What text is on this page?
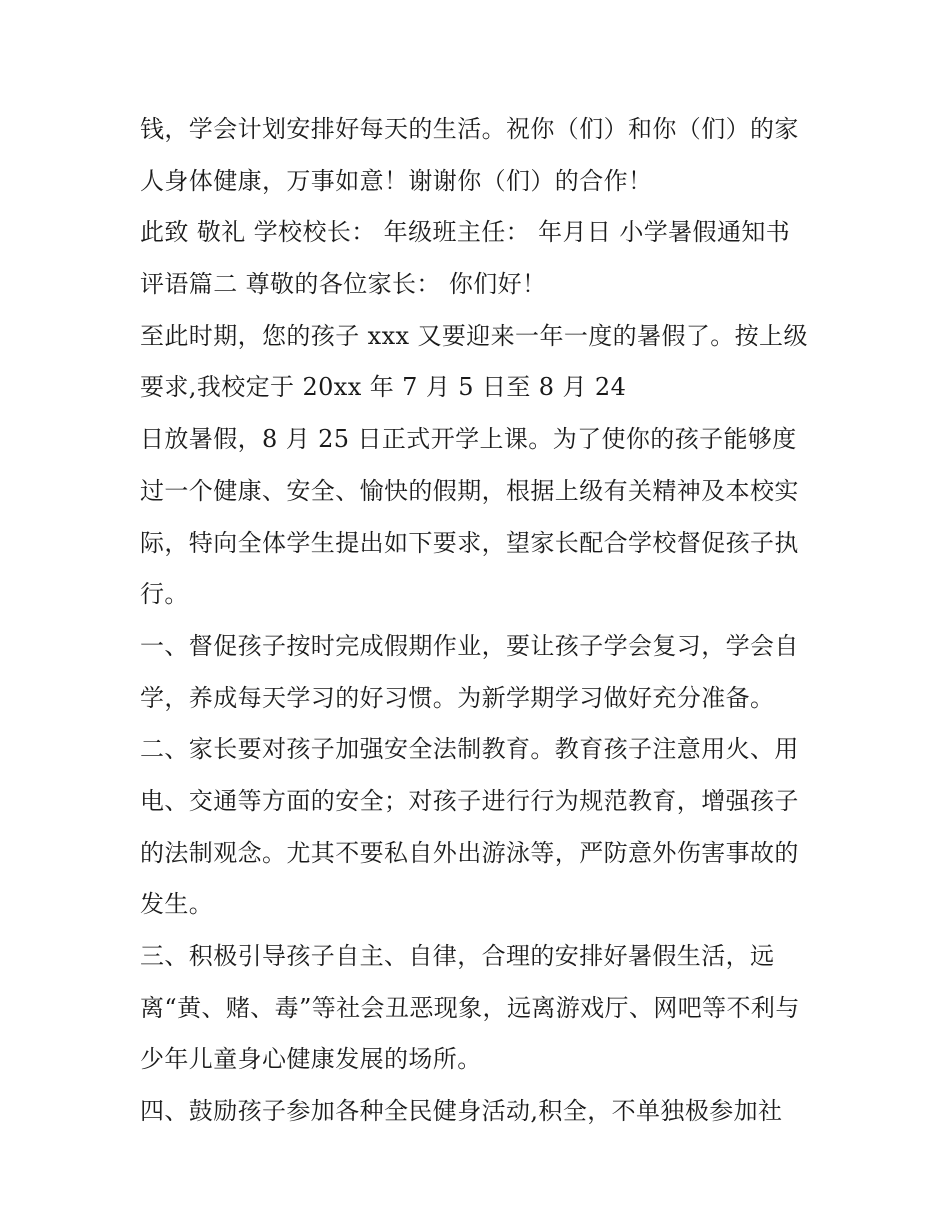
钱，学会计划安排好每天的生活。祝你（们）和你（们）的家
人身体健康，万事如意！谢谢你（们）的合作！
此致 敬礼 学校校长： 年级班主任： 年月日 小学暑假通知书
评语篇二 尊敬的各位家长： 你们好！
至此时期，您的孩子 xxx 又要迎来一年一度的暑假了。按上级
要求,我校定于 20xx 年 7 月 5 日至 8 月 24
日放暑假，8 月 25 日正式开学上课。为了使你的孩子能够度
过一个健康、安全、愉快的假期，根据上级有关精神及本校实
际，特向全体学生提出如下要求，望家长配合学校督促孩子执
行。
一、督促孩子按时完成假期作业，要让孩子学会复习，学会自
学，养成每天学习的好习惯。为新学期学习做好充分准备。
二、家长要对孩子加强安全法制教育。教育孩子注意用火、用
电、交通等方面的安全；对孩子进行行为规范教育，增强孩子
的法制观念。尤其不要私自外出游泳等，严防意外伤害事故的
发生。
三、积极引导孩子自主、自律，合理的安排好暑假生活，远
离“黄、赌、毒”等社会丑恶现象，远离游戏厅、网吧等不利与
少年儿童身心健康发展的场所。
四、鼓励孩子参加各种全民健身活动,积全，不单独极参加社
